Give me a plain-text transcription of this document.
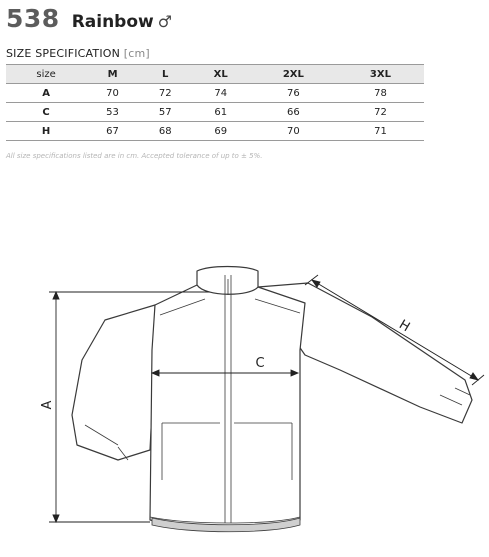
538 Rainbow ♂
SIZE SPECIFICATION [cm]
size	M	L	XL	2XL	3XL
A	70	72	74	76	78
C	53	57	61	66	72
H	67	68	69	70	71
All size specifications listed are in cm. Accepted tolerance of up to ± 5%.
A
C
H
